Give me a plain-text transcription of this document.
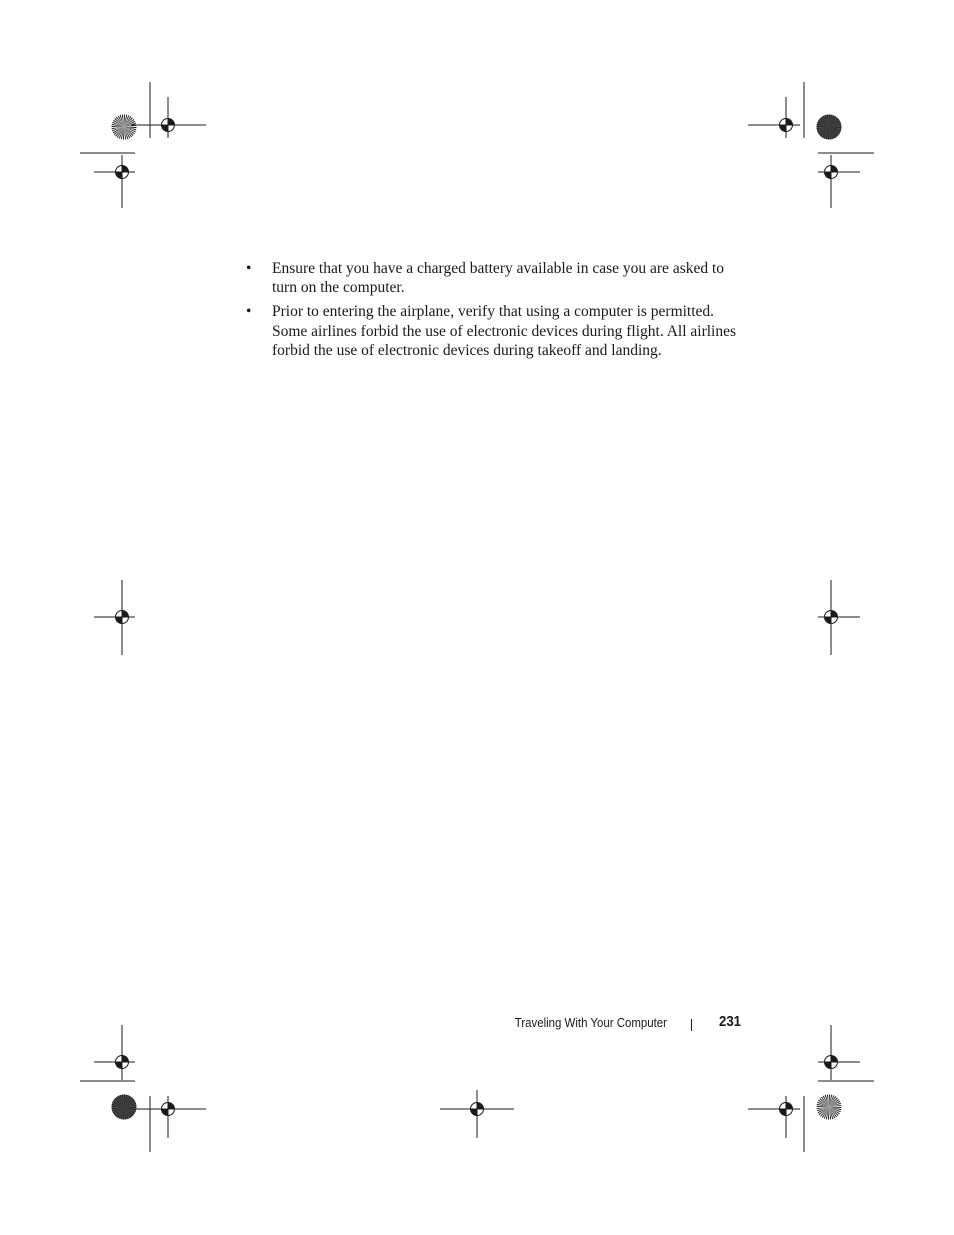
• Ensure that you have a charged battery available in case you are asked to turn on the computer.
• Prior to entering the airplane, verify that using a computer is permitted. Some airlines forbid the use of electronic devices during flight. All airlines forbid the use of electronic devices during takeoff and landing.
Traveling With Your Computer	231
